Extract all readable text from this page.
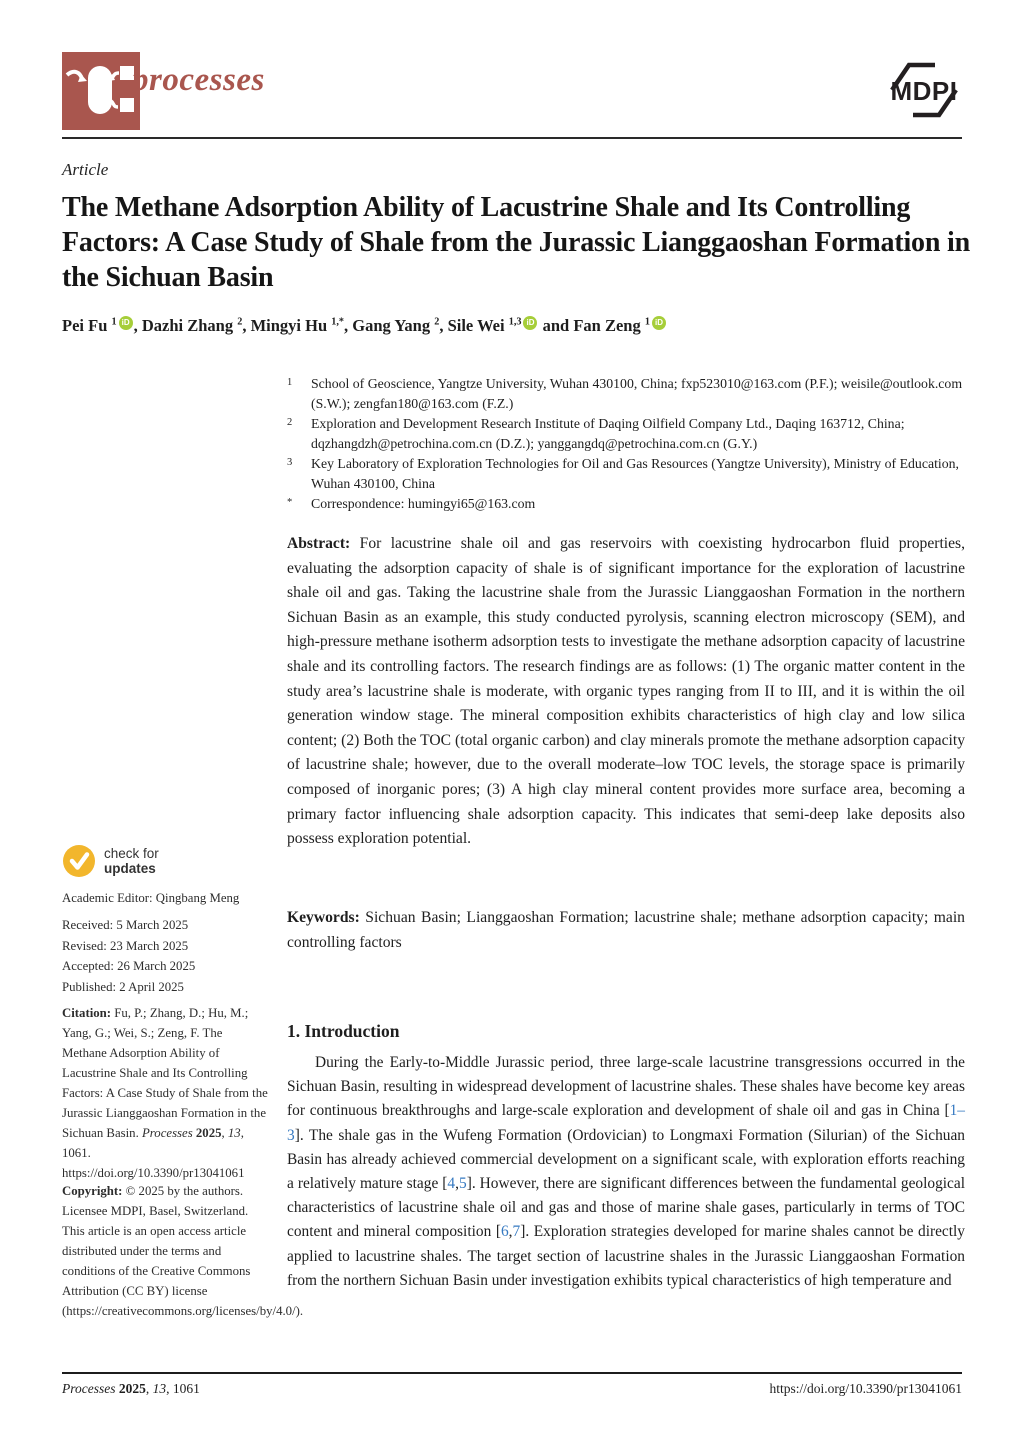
processes	MDPI
Article
The Methane Adsorption Ability of Lacustrine Shale and Its Controlling Factors: A Case Study of Shale from the Jurassic Lianggaoshan Formation in the Sichuan Basin
Pei Fu $^1$ iD , Dazhi Zhang $^2$, Mingyi Hu $^{1,*}$, Gang Yang $^2$, Sile Wei $^{1,3}$ iD and Fan Zeng $^1$ iD
1	School of Geoscience, Yangtze University, Wuhan 430100, China; fxp523010@163.com (P.F.); weisile@outlook.com (S.W.); zengfan180@163.com (F.Z.)
2	Exploration and Development Research Institute of Daqing Oilfield Company Ltd., Daqing 163712, China; dqzhangdzh@petrochina.com.cn (D.Z.); yanggangdq@petrochina.com.cn (G.Y.)
3	Key Laboratory of Exploration Technologies for Oil and Gas Resources (Yangtze University), Ministry of Education, Wuhan 430100, China
*	Correspondence: humingyi65@163.com
Abstract: For lacustrine shale oil and gas reservoirs with coexisting hydrocarbon fluid properties, evaluating the adsorption capacity of shale is of significant importance for the exploration of lacustrine shale oil and gas. Taking the lacustrine shale from the Jurassic Lianggaoshan Formation in the northern Sichuan Basin as an example, this study conducted pyrolysis, scanning electron microscopy (SEM), and high-pressure methane isotherm adsorption tests to investigate the methane adsorption capacity of lacustrine shale and its controlling factors. The research findings are as follows: (1) The organic matter content in the study area’s lacustrine shale is moderate, with organic types ranging from II to III, and it is within the oil generation window stage. The mineral composition exhibits characteristics of high clay and low silica content; (2) Both the TOC (total organic carbon) and clay minerals promote the methane adsorption capacity of lacustrine shale; however, due to the overall moderate–low TOC levels, the storage space is primarily composed of inorganic pores; (3) A high clay mineral content provides more surface area, becoming a primary factor influencing shale adsorption capacity. This indicates that semi-deep lake deposits also possess exploration potential.
Keywords: Sichuan Basin; Lianggaoshan Formation; lacustrine shale; methane adsorption capacity; main controlling factors
check for
updates
Academic Editor: Qingbang Meng
Received: 5 March 2025
Revised: 23 March 2025
Accepted: 26 March 2025
Published: 2 April 2025
Citation: Fu, P.; Zhang, D.; Hu, M.; Yang, G.; Wei, S.; Zeng, F. The Methane Adsorption Ability of Lacustrine Shale and Its Controlling Factors: A Case Study of Shale from the Jurassic Lianggaoshan Formation in the Sichuan Basin. Processes 2025, 13, 1061. https://doi.org/10.3390/pr13041061
Copyright: © 2025 by the authors. Licensee MDPI, Basel, Switzerland. This article is an open access article distributed under the terms and conditions of the Creative Commons Attribution (CC BY) license (https://creativecommons.org/licenses/by/4.0/).
1. Introduction
During the Early-to-Middle Jurassic period, three large-scale lacustrine transgressions occurred in the Sichuan Basin, resulting in widespread development of lacustrine shales. These shales have become key areas for continuous breakthroughs and large-scale exploration and development of shale oil and gas in China [1–3]. The shale gas in the Wufeng Formation (Ordovician) to Longmaxi Formation (Silurian) of the Sichuan Basin has already achieved commercial development on a significant scale, with exploration efforts reaching a relatively mature stage [4,5]. However, there are significant differences between the fundamental geological characteristics of lacustrine shale oil and gas and those of marine shale gases, particularly in terms of TOC content and mineral composition [6,7]. Exploration strategies developed for marine shales cannot be directly applied to lacustrine shales. The target section of lacustrine shales in the Jurassic Lianggaoshan Formation from the northern Sichuan Basin under investigation exhibits typical characteristics of high temperature and
Processes 2025, 13, 1061	https://doi.org/10.3390/pr13041061
